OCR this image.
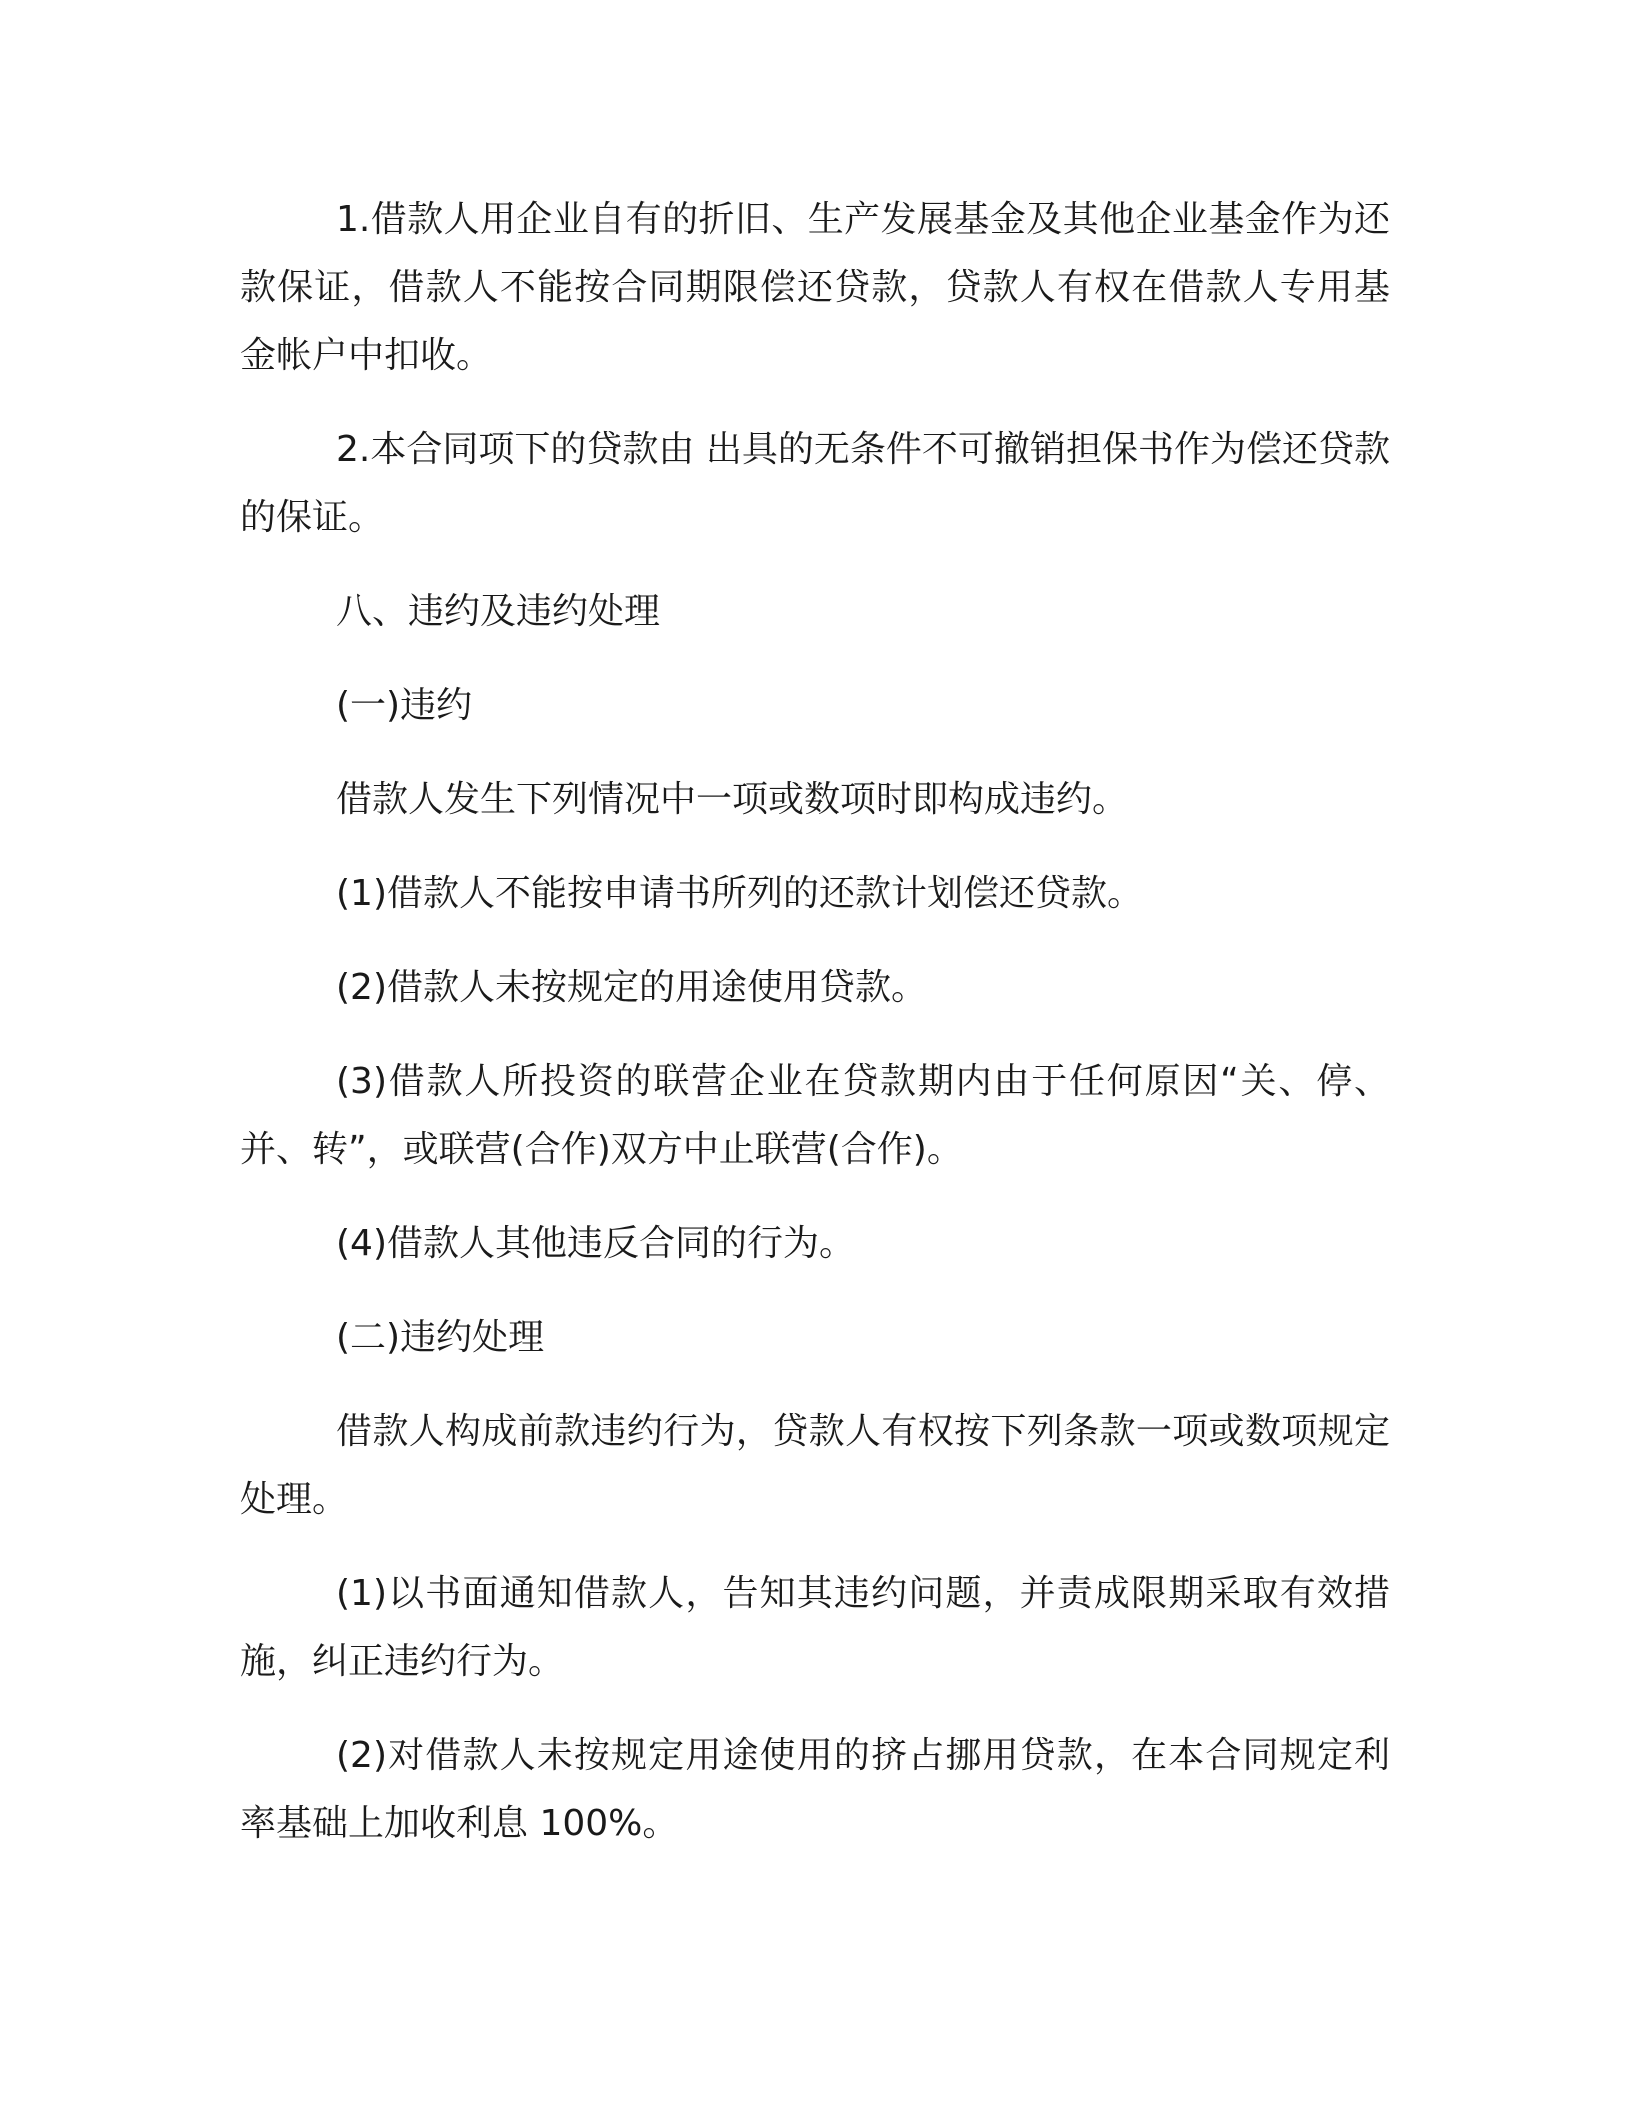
1.借款人用企业自有的折旧、生产发展基金及其他企业基金作为还款保证，借款人不能按合同期限偿还贷款，贷款人有权在借款人专用基金帐户中扣收。

2.本合同项下的贷款由 出具的无条件不可撤销担保书作为偿还贷款的保证。

八、违约及违约处理

(一)违约

借款人发生下列情况中一项或数项时即构成违约。

(1)借款人不能按申请书所列的还款计划偿还贷款。

(2)借款人未按规定的用途使用贷款。

(3)借款人所投资的联营企业在贷款期内由于任何原因“关、停、并、转”，或联营(合作)双方中止联营(合作)。

(4)借款人其他违反合同的行为。

(二)违约处理

借款人构成前款违约行为，贷款人有权按下列条款一项或数项规定处理。

(1)以书面通知借款人，告知其违约问题，并责成限期采取有效措施，纠正违约行为。

(2)对借款人未按规定用途使用的挤占挪用贷款，在本合同规定利率基础上加收利息 100%。
